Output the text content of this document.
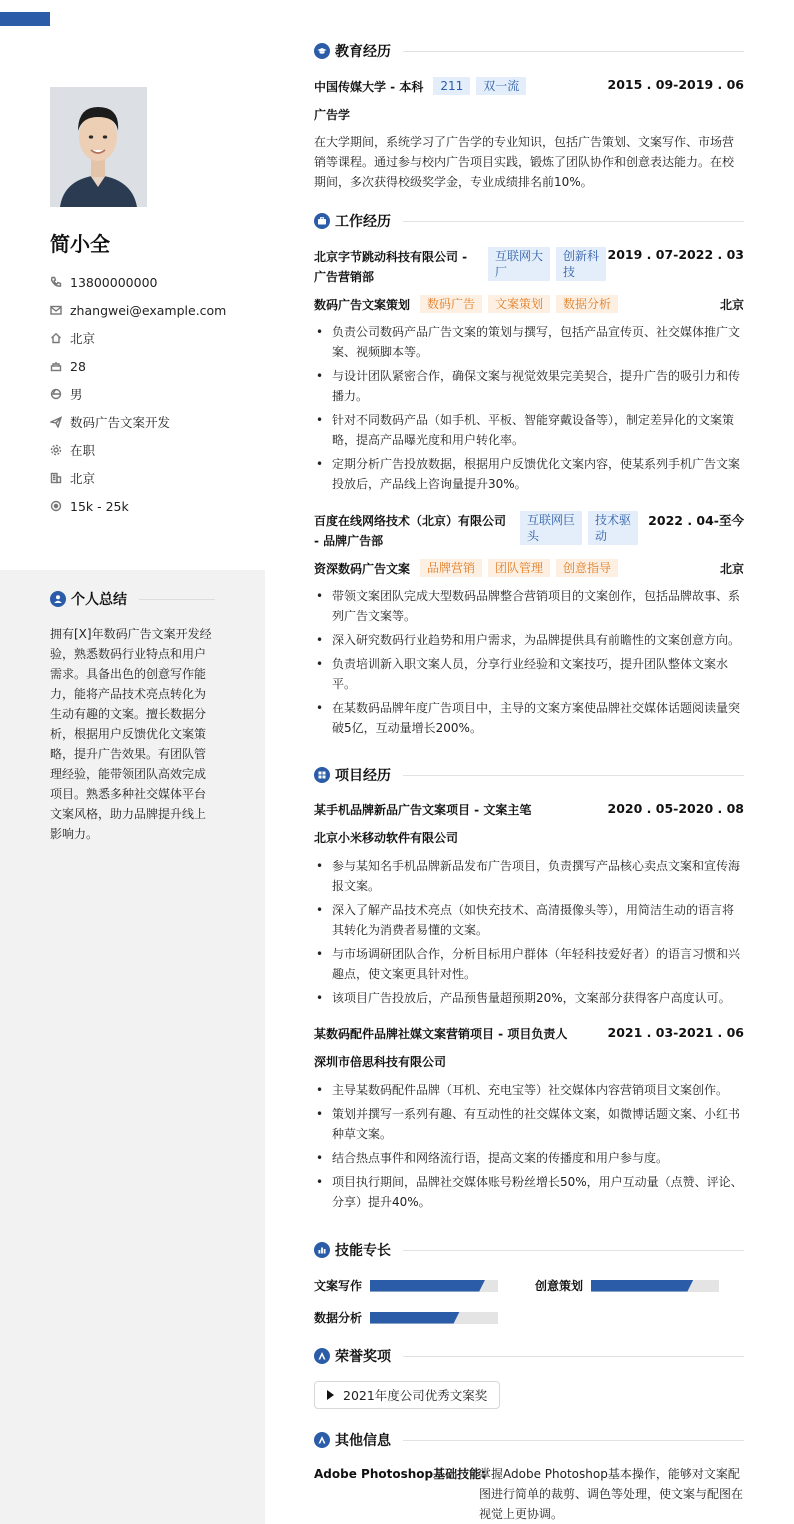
简小全
13800000000
zhangwei@example.com
北京
28
男
数码广告文案开发
在职
北京
15k - 25k
个人总结
拥有[X]年数码广告文案开发经验，熟悉数码行业特点和用户需求。具备出色的创意写作能力，能将产品技术亮点转化为生动有趣的文案。擅长数据分析，根据用户反馈优化文案策略，提升广告效果。有团队管理经验，能带领团队高效完成项目。熟悉多种社交媒体平台文案风格，助力品牌提升线上影响力。
教育经历
中国传媒大学 - 本科	211	双一流	2015 . 09-2019 . 06
广告学
在大学期间，系统学习了广告学的专业知识，包括广告策划、文案写作、市场营销等课程。通过参与校内广告项目实践，锻炼了团队协作和创意表达能力。在校期间，多次获得校级奖学金，专业成绩排名前10%。
工作经历
北京字节跳动科技有限公司 - 广告营销部
互联网大厂
创新科技
2019 . 07-2022 . 03
数码广告文案策划	数码广告	文案策划	数据分析	北京
• 负责公司数码产品广告文案的策划与撰写，包括产品宣传页、社交媒体推广文案、视频脚本等。
• 与设计团队紧密合作，确保文案与视觉效果完美契合，提升广告的吸引力和传播力。
• 针对不同数码产品（如手机、平板、智能穿戴设备等），制定差异化的文案策略，提高产品曝光度和用户转化率。
• 定期分析广告投放数据，根据用户反馈优化文案内容，使某系列手机广告文案投放后，产品线上咨询量提升30%。
百度在线网络技术（北京）有限公司 - 品牌广告部
互联网巨头
技术驱动
2022 . 04-至今
资深数码广告文案	品牌营销	团队管理	创意指导	北京
• 带领文案团队完成大型数码品牌整合营销项目的文案创作，包括品牌故事、系列广告文案等。
• 深入研究数码行业趋势和用户需求，为品牌提供具有前瞻性的文案创意方向。
• 负责培训新入职文案人员，分享行业经验和文案技巧，提升团队整体文案水平。
• 在某数码品牌年度广告项目中，主导的文案方案使品牌社交媒体话题阅读量突破5亿，互动量增长200%。
项目经历
某手机品牌新品广告文案项目 - 文案主笔	2020 . 05-2020 . 08
北京小米移动软件有限公司
• 参与某知名手机品牌新品发布广告项目，负责撰写产品核心卖点文案和宣传海报文案。
• 深入了解产品技术亮点（如快充技术、高清摄像头等），用简洁生动的语言将其转化为消费者易懂的文案。
• 与市场调研团队合作，分析目标用户群体（年轻科技爱好者）的语言习惯和兴趣点，使文案更具针对性。
• 该项目广告投放后，产品预售量超预期20%，文案部分获得客户高度认可。
某数码配件品牌社媒文案营销项目 - 项目负责人	2021 . 03-2021 . 06
深圳市倍思科技有限公司
• 主导某数码配件品牌（耳机、充电宝等）社交媒体内容营销项目文案创作。
• 策划并撰写一系列有趣、有互动性的社交媒体文案，如微博话题文案、小红书种草文案。
• 结合热点事件和网络流行语，提高文案的传播度和用户参与度。
• 项目执行期间，品牌社交媒体账号粉丝增长50%，用户互动量（点赞、评论、分享）提升40%。
技能专长
文案写作	创意策划
数据分析
荣誉奖项
2021年度公司优秀文案奖
其他信息
Adobe Photoshop基础技能:
掌握Adobe Photoshop基本操作，能够对文案配图进行简单的裁剪、调色等处理，使文案与配图在视觉上更协调。
